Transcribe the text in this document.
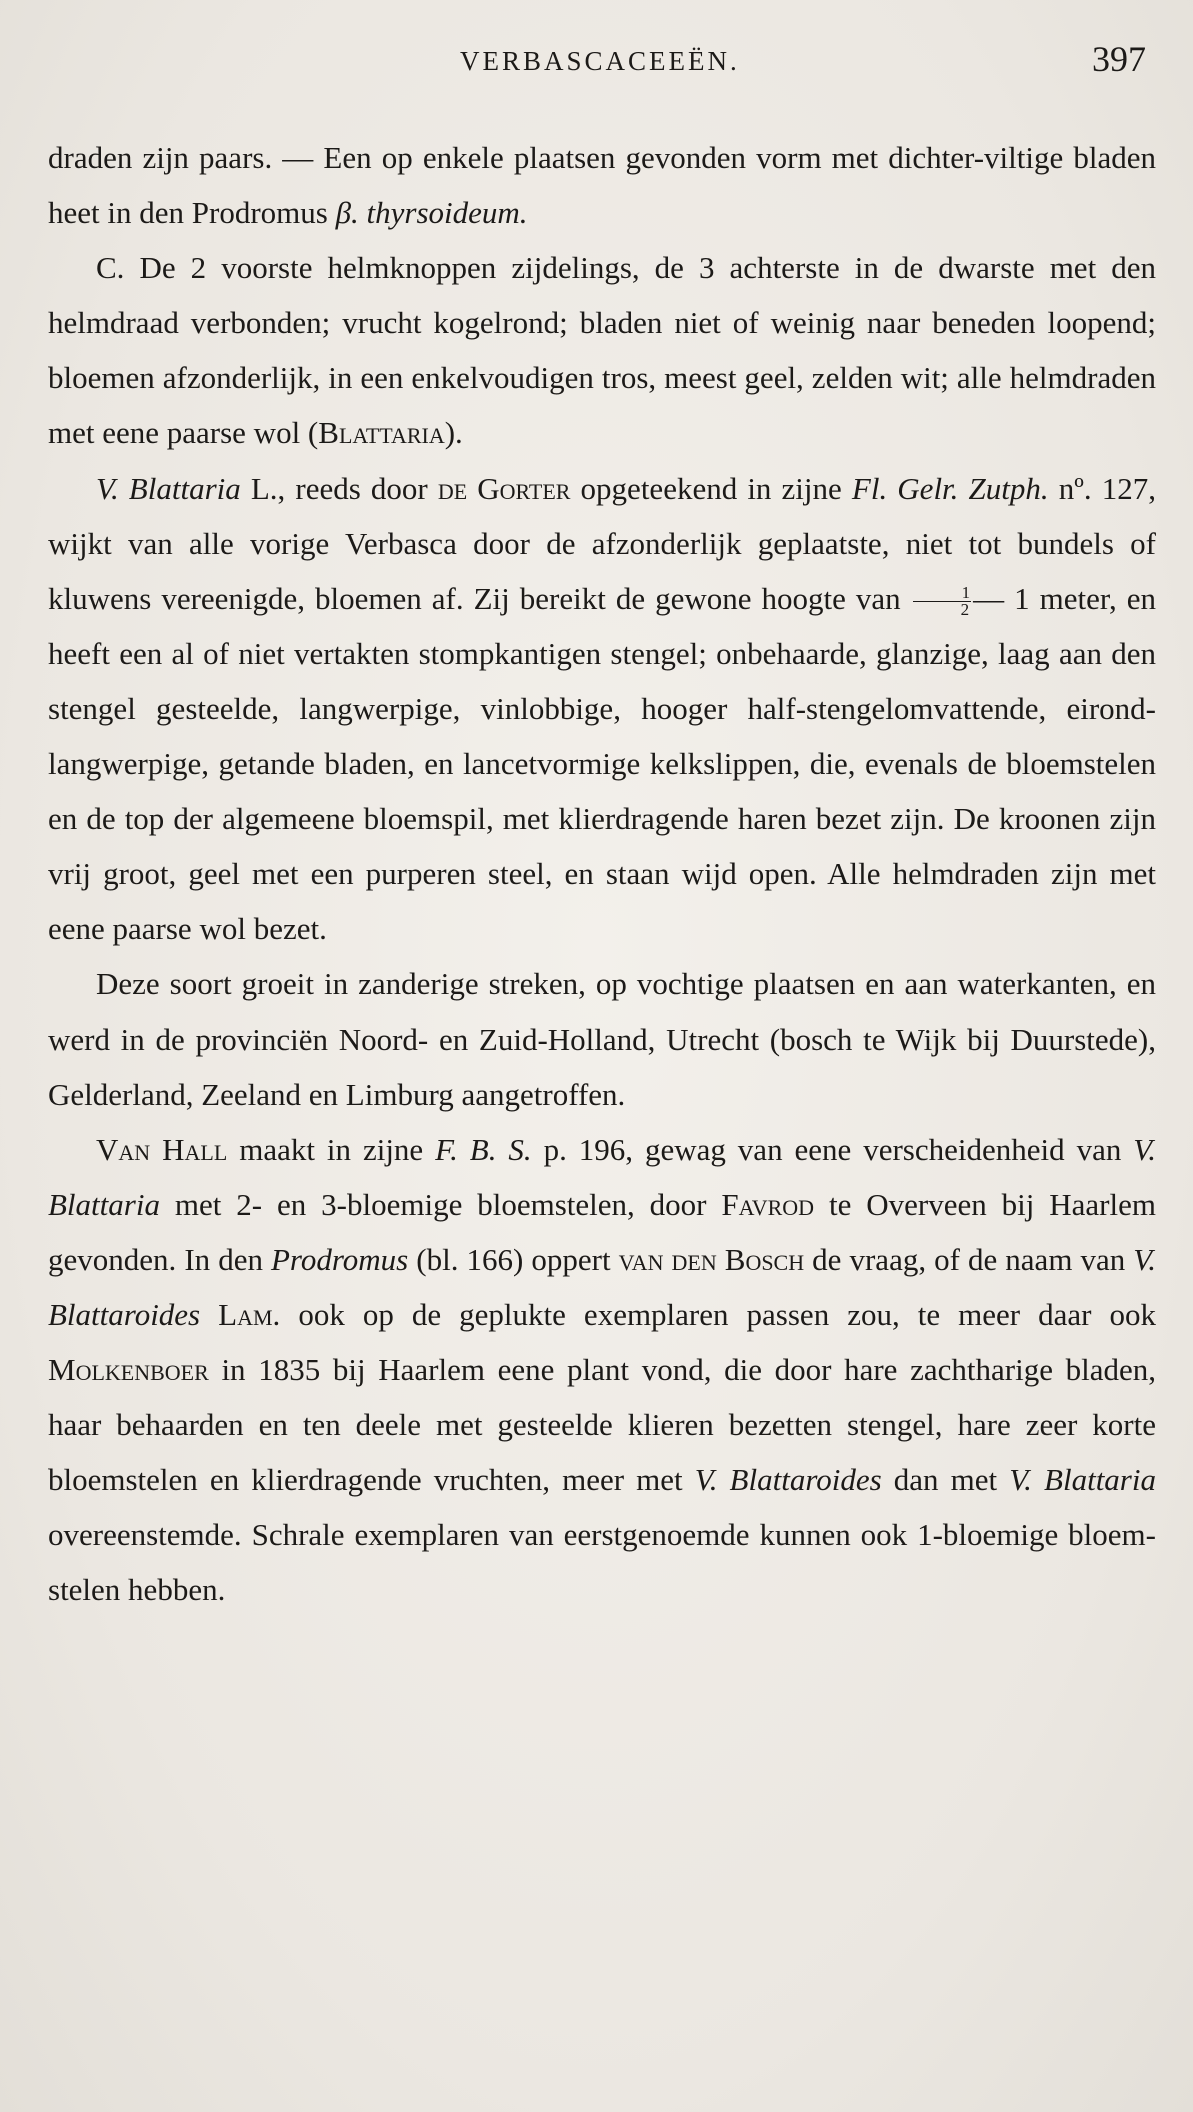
VERBASCACEEËN.	397

draden zijn paars. — Een op enkele plaatsen gevonden vorm met dichter-viltige bladen heet in den Prodromus β. thyrsoideum.

C. De 2 voorste helmknoppen zijdelings, de 3 achterste in de dwarste met den helmdraad verbonden; vrucht kogelrond; bladen niet of weinig naar beneden loopend; bloemen afzonderlijk, in een enkelvoudigen tros, meest geel, zelden wit; alle helmdraden met eene paarse wol (Blattaria).

V. Blattaria L., reeds door de Gorter opgeteekend in zijne Fl. Gelr. Zutph. nº. 127, wijkt van alle vorige Verbasca door de afzonderlijk geplaatste, niet tot bundels of kluwens vereenigde, bloemen af. Zij bereikt de gewone hoogte van $\frac{1}{2}$ — 1 meter, en heeft een al of niet vertakten stompkantigen stengel; onbehaarde, glanzige, laag aan den stengel gesteelde, langwerpige, vinlobbige, hooger half-stengelomvattende, eirond-langwerpige, getande bladen, en lancetvormige kelkslippen, die, evenals de bloemstelen en de top der algemeene bloemspil, met klierdragende haren bezet zijn. De kroonen zijn vrij groot, geel met een purperen steel, en staan wijd open. Alle helmdraden zijn met eene paarse wol bezet.

Deze soort groeit in zanderige streken, op vochtige plaatsen en aan waterkanten, en werd in de provinciën Noord- en Zuid-Holland, Utrecht (bosch te Wijk bij Duurstede), Gelderland, Zeeland en Limburg aangetroffen.

Van Hall maakt in zijne F. B. S. p. 196, gewag van eene verscheidenheid van V. Blattaria met 2- en 3-bloemige bloemstelen, door Favrod te Overveen bij Haarlem gevonden. In den Prodromus (bl. 166) oppert van den Bosch de vraag, of de naam van V. Blattaroides Lam. ook op de geplukte exemplaren passen zou, te meer daar ook Molkenboer in 1835 bij Haarlem eene plant vond, die door hare zachtharige bladen, haar behaarden en ten deele met gesteelde klieren bezetten stengel, hare zeer korte bloemstelen en klierdragende vruchten, meer met V. Blattaroides dan met V. Blattaria overeenstemde. Schrale exemplaren van eerstgenoemde kunnen ook 1-bloemige bloemstelen hebben.
